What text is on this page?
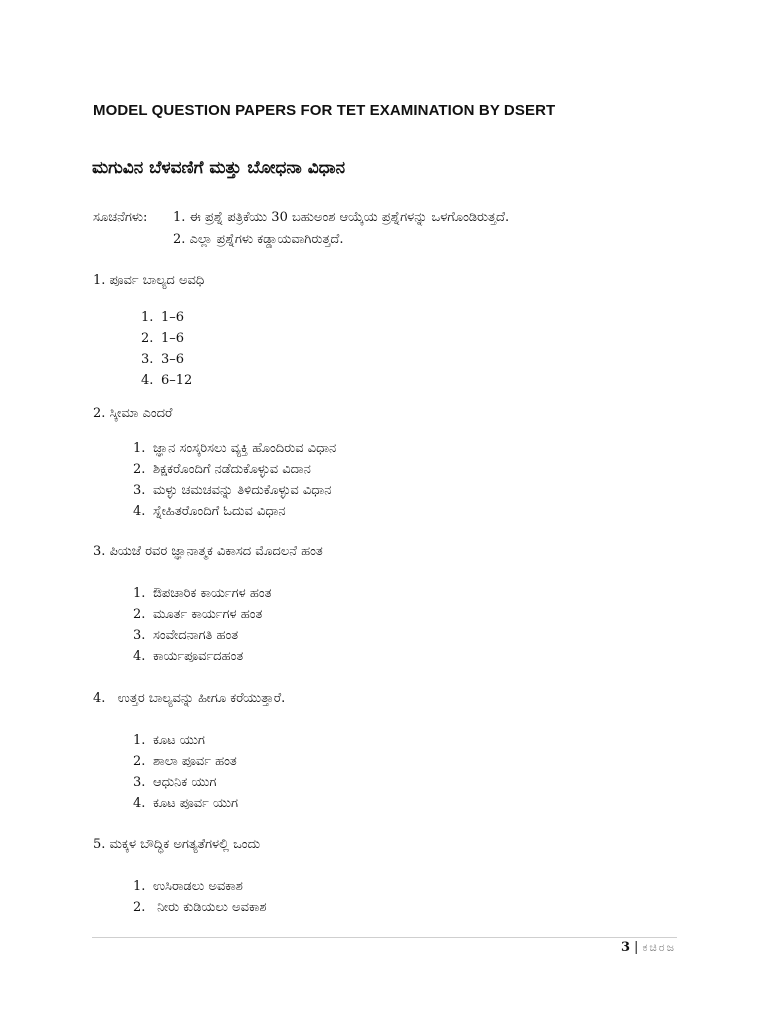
MODEL QUESTION PAPERS FOR TET EXAMINATION BY DSERT
ಮಗುವಿನ ಬೆಳವಣಿಗೆ ಮತ್ತು ಬೋಧನಾ ವಿಧಾನ
ಸೂಚನೆಗಳು: 1. ಈ ಪ್ರಶ್ನೆ ಪತ್ರಿಕೆಯು 30 ಬಹುಅಂಶ ಆಯ್ಕೆಯ ಪ್ರಶ್ನೆಗಳನ್ನು ಒಳಗೊಂಡಿರುತ್ತದೆ.
2. ಎಲ್ಲಾ ಪ್ರಶ್ನೆಗಳು ಕಡ್ಡಾಯವಾಗಿರುತ್ತದೆ.
1. ಪೂರ್ವ ಬಾಲ್ಯದ ಅವಧಿ
1. 1–6
2. 1–6
3. 3–6
4. 6–12
2. ಸ್ಕೀಮಾ ಎಂದರೆ
1. ಜ್ಞಾನ ಸಂಸ್ಕರಿಸಲು ವ್ಯಕ್ತಿ ಹೊಂದಿರುವ ವಿಧಾನ
2. ಶಿಕ್ಷಕರೊಂದಿಗೆ ನಡೆದುಕೊಳ್ಳುವ ವಿದಾನ
3. ಮಳ್ಳು ಚಮಚವನ್ನು ತಿಳಿದುಕೊಳ್ಳುವ ವಿಧಾನ
4. ಸ್ನೇಹಿತರೊಂದಿಗೆ ಓದುವ ವಿಧಾನ
3. ಪಿಯಜೆ ರವರ ಜ್ಞಾನಾತ್ಮಕ ವಿಕಾಸದ ಮೊದಲನೆ ಹಂತ
1. ಔಪಚಾರಿಕ ಕಾರ್ಯಗಳ ಹಂತ
2. ಮೂರ್ತ ಕಾರ್ಯಗಳ ಹಂತ
3. ಸಂವೇದನಾಗತಿ ಹಂತ
4. ಕಾರ್ಯಪೂರ್ವದಹಂತ
4.   ಉತ್ತರ ಬಾಲ್ಯವನ್ನು ಹೀಗೂ ಕರೆಯುತ್ತಾರೆ.
1. ಕೂಟ ಯುಗ
2. ಶಾಲಾ ಪೂರ್ವ ಹಂತ
3. ಆಧುನಿಕ ಯುಗ
4. ಕೂಟ ಪೂರ್ವ ಯುಗ
5. ಮಕ್ಕಳ ಬೌದ್ಧಿಕ ಅಗತ್ಯತೆಗಳಲ್ಲಿ ಒಂದು
1. ಉಸಿರಾಡಲು ಅವಕಾಶ
2. ನೀರು ಕುಡಿಯಲು ಅವಕಾಶ
3 | ಕಚಿರಜ
